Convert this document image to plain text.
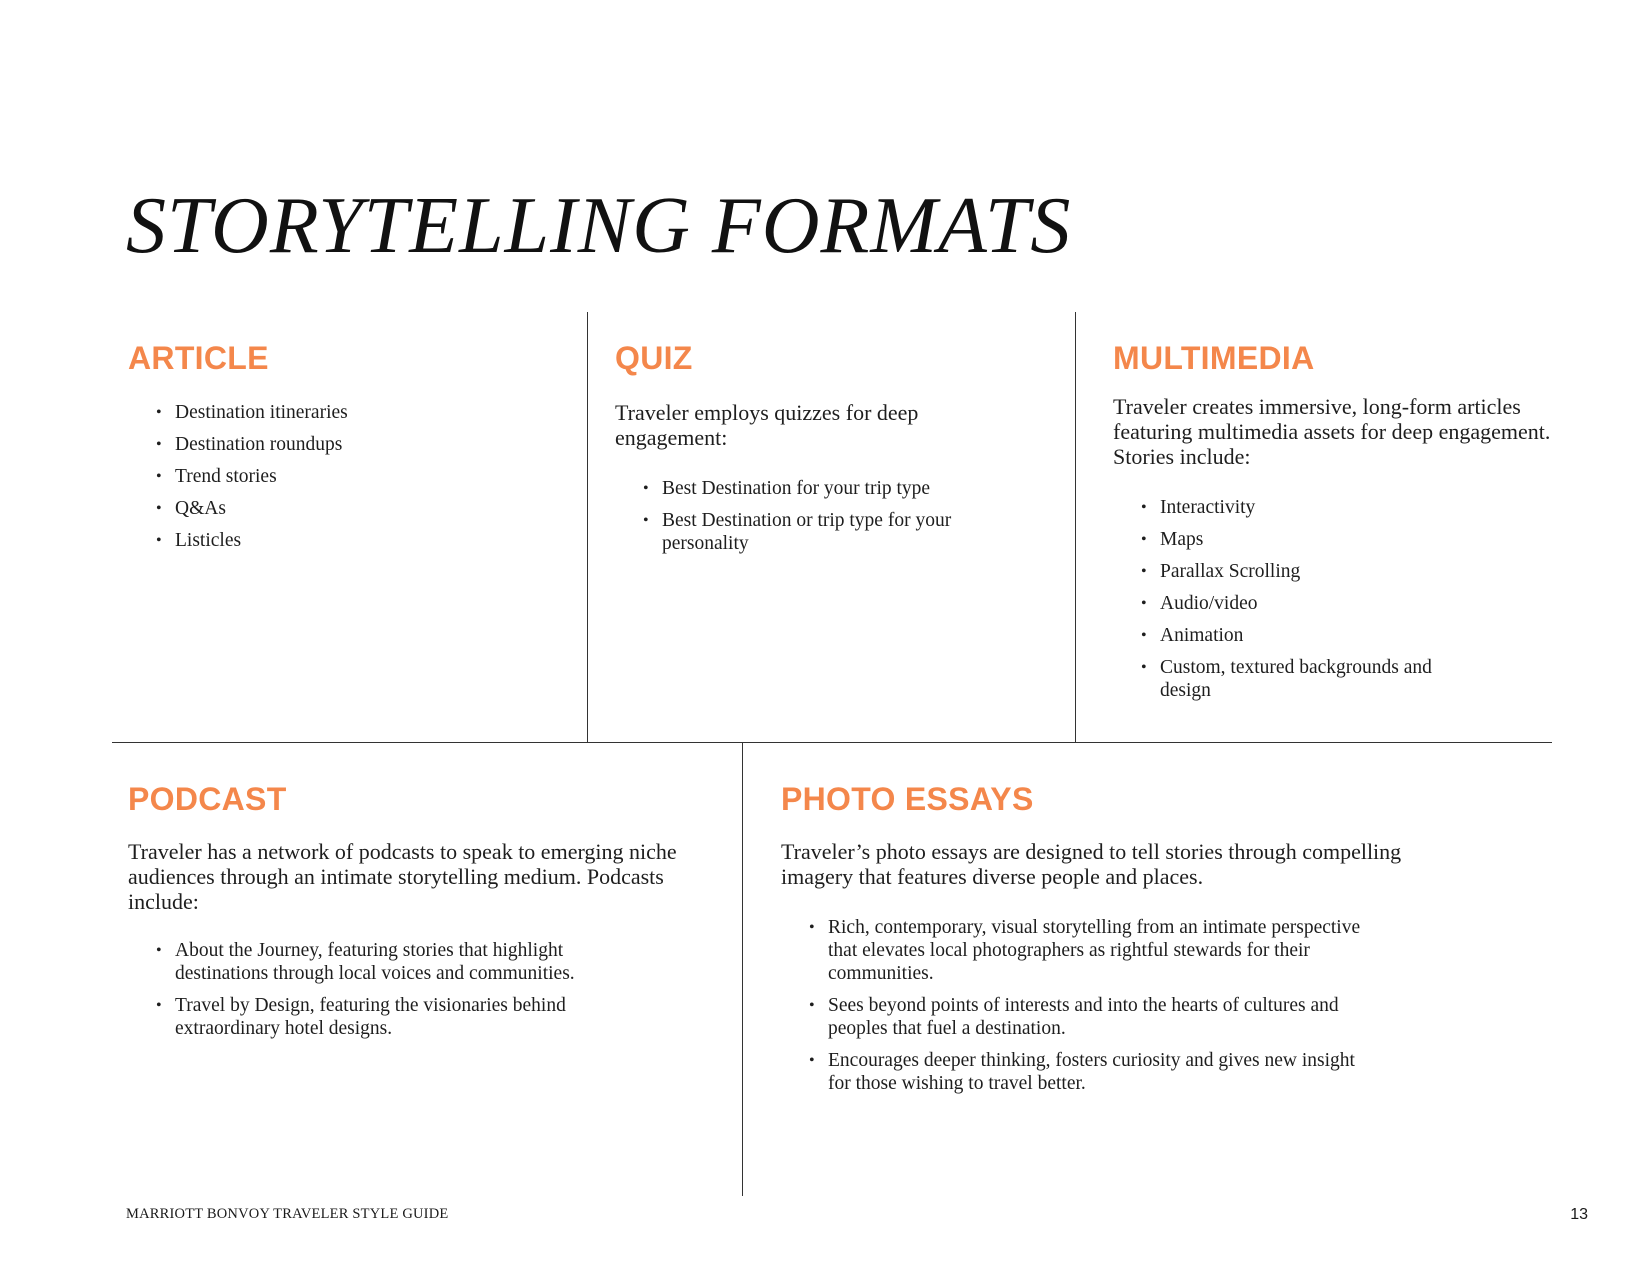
STORYTELLING FORMATS
ARTICLE
• Destination itineraries
• Destination roundups
• Trend stories
• Q&As
• Listicles
QUIZ

Traveler employs quizzes for deep engagement:

• Best Destination for your trip type
• Best Destination or trip type for your personality
MULTIMEDIA

Traveler creates immersive, long-form articles featuring multimedia assets for deep engagement. Stories include:

• Interactivity
• Maps
• Parallax Scrolling
• Audio/video
• Animation
• Custom, textured backgrounds and design
PODCAST

Traveler has a network of podcasts to speak to emerging niche audiences through an intimate storytelling medium. Podcasts include:

• About the Journey, featuring stories that highlight destinations through local voices and communities.
• Travel by Design, featuring the visionaries behind extraordinary hotel designs.
PHOTO ESSAYS

Traveler’s photo essays are designed to tell stories through compelling imagery that features diverse people and places.

• Rich, contemporary, visual storytelling from an intimate perspective that elevates local photographers as rightful stewards for their communities.
• Sees beyond points of interests and into the hearts of cultures and peoples that fuel a destination.
• Encourages deeper thinking, fosters curiosity and gives new insight for those wishing to travel better.
MARRIOTT BONVOY TRAVELER STYLE GUIDE	13
